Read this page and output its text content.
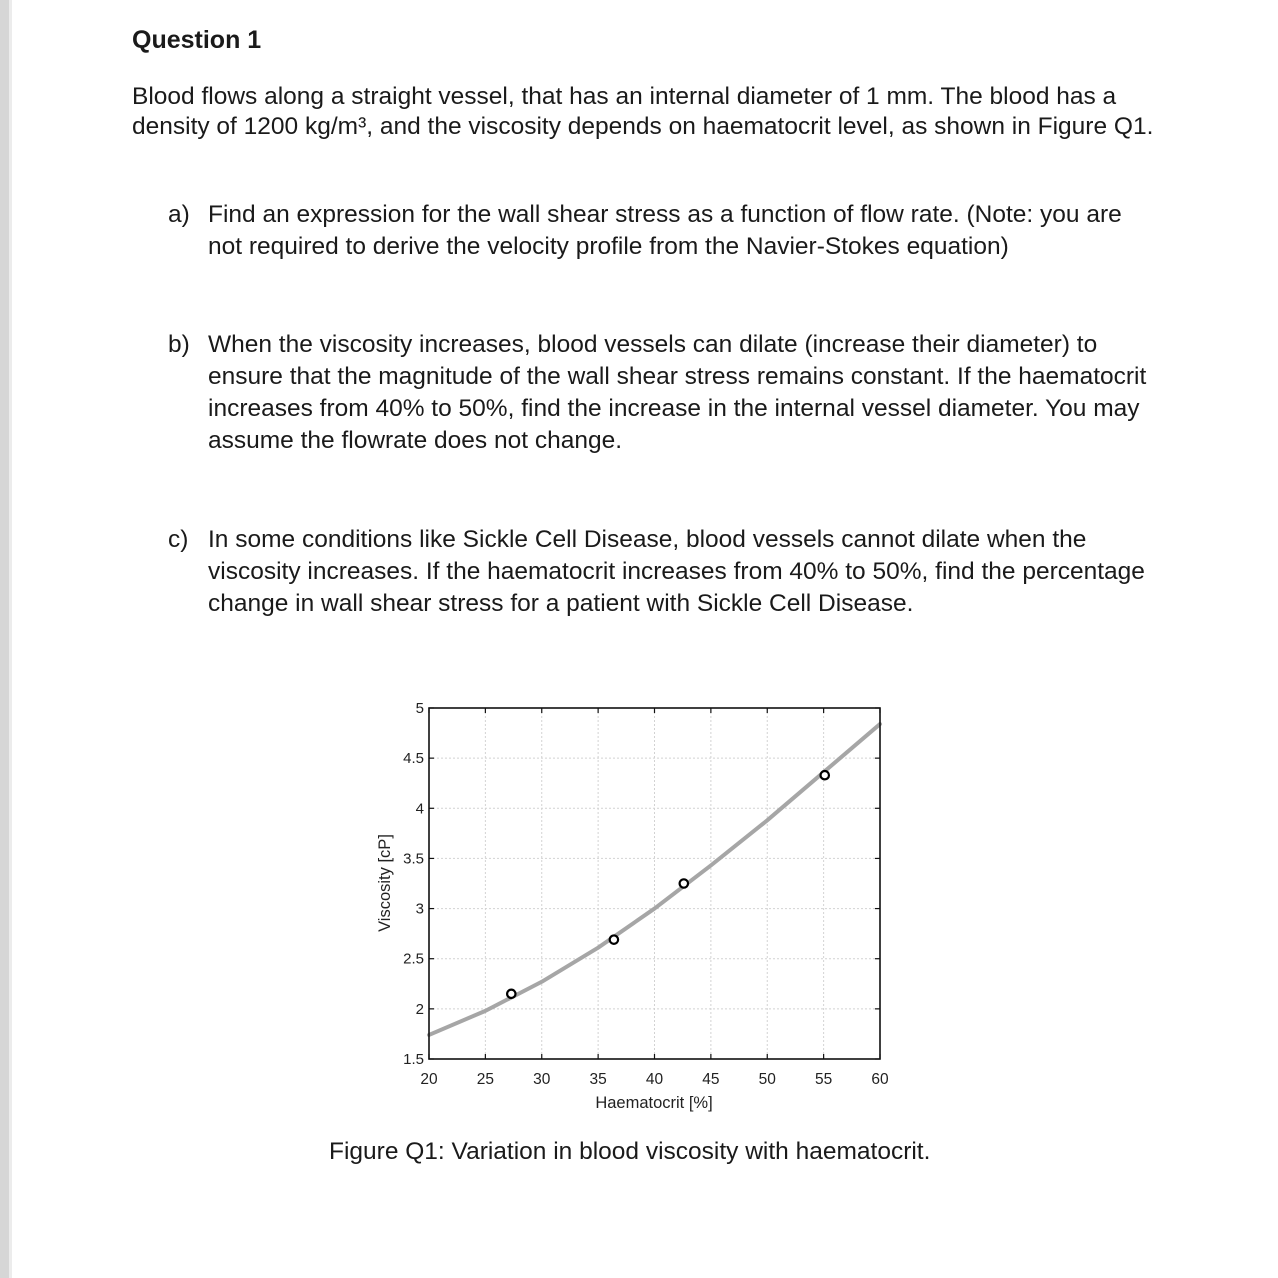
Question 1
Blood flows along a straight vessel, that has an internal diameter of 1 mm. The blood has a density of 1200 kg/m³, and the viscosity depends on haematocrit level, as shown in Figure Q1.
a) Find an expression for the wall shear stress as a function of flow rate. (Note: you are not required to derive the velocity profile from the Navier-Stokes equation)
b) When the viscosity increases, blood vessels can dilate (increase their diameter) to ensure that the magnitude of the wall shear stress remains constant. If the haematocrit increases from 40% to 50%, find the increase in the internal vessel diameter. You may assume the flowrate does not change.
c) In some conditions like Sickle Cell Disease, blood vessels cannot dilate when the viscosity increases. If the haematocrit increases from 40% to 50%, find the percentage change in wall shear stress for a patient with Sickle Cell Disease.
20	25	30	35	40	45	50	55	60
1.5
2
2.5
3
3.5
4
4.5
5
Haematocrit [%]
Viscosity [cP]
Figure Q1: Variation in blood viscosity with haematocrit.
